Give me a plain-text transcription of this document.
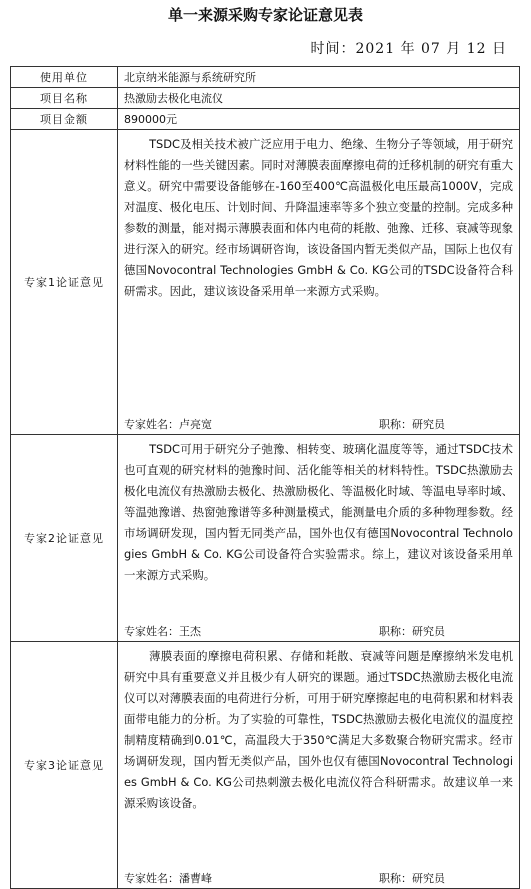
单一来源采购专家论证意见表
时间：2021 年 07 月 12 日
使用单位	北京纳米能源与系统研究所
项目名称	热激励去极化电流仪
项目金额	890000元
专家1论证意见	TSDC及相关技术被广泛应用于电力、绝缘、生物分子等领域，用于研究材料性能的一些关键因素。同时对薄膜表面摩擦电荷的迁移机制的研究有重大意义。研究中需要设备能够在-160至400℃高温极化电压最高1000V，完成对温度、极化电压、计划时间、升降温速率等多个独立变量的控制。完成多种参数的测量，能对揭示薄膜表面和体内电荷的耗散、弛豫、迁移、衰减等现象进行深入的研究。经市场调研咨询，该设备国内暂无类似产品，国际上也仅有德国Novocontral Technologies GmbH & Co. KG公司的TSDC设备符合科研需求。因此，建议该设备采用单一来源方式采购。
专家姓名：卢亮宽 职称：研究员

专家2论证意见	TSDC可用于研究分子弛豫、相转变、玻璃化温度等等，通过TSDC技术也可直观的研究材料的弛豫时间、活化能等相关的材料特性。TSDC热激励去极化电流仪有热激励去极化、热激励极化、等温极化时域、等温电导率时域、等温弛豫谱、热窗弛豫谱等多种测量模式，能测量电介质的多种物理参数。经市场调研发现，国内暂无同类产品，国外也仅有德国Novocontral Technologies GmbH & Co. KG公司设备符合实验需求。综上，建议对该设备采用单一来源方式采购。
专家姓名：王杰 职称：研究员

专家3论证意见	薄膜表面的摩擦电荷积累、存储和耗散、衰减等问题是摩擦纳米发电机研究中具有重要意义并且极少有人研究的课题。通过TSDC热激励去极化电流仪可以对薄膜表面的电荷进行分析，可用于研究摩擦起电的电荷积累和材料表面带电能力的分析。为了实验的可靠性，TSDC热激励去极化电流仪的温度控制精度精确到0.01℃，高温段大于350℃满足大多数聚合物研究需求。经市场调研发现，国内暂无类似产品，国外也仅有德国Novocontral Technologies GmbH & Co. KG公司热刺激去极化电流仪符合科研需求。故建议单一来源采购该设备。
专家姓名：潘曹峰 职称：研究员
